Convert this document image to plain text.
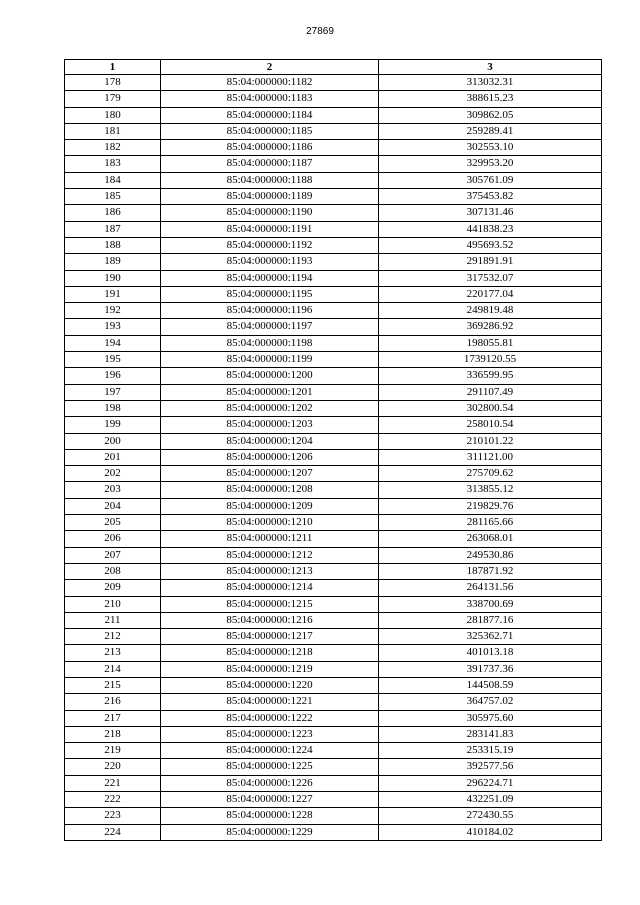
27869
1	2	3
178	85:04:000000:1182	313032.31
179	85:04:000000:1183	388615.23
180	85:04:000000:1184	309862.05
181	85:04:000000:1185	259289.41
182	85:04:000000:1186	302553.10
183	85:04:000000:1187	329953.20
184	85:04:000000:1188	305761.09
185	85:04:000000:1189	375453.82
186	85:04:000000:1190	307131.46
187	85:04:000000:1191	441838.23
188	85:04:000000:1192	495693.52
189	85:04:000000:1193	291891.91
190	85:04:000000:1194	317532.07
191	85:04:000000:1195	220177.04
192	85:04:000000:1196	249819.48
193	85:04:000000:1197	369286.92
194	85:04:000000:1198	198055.81
195	85:04:000000:1199	1739120.55
196	85:04:000000:1200	336599.95
197	85:04:000000:1201	291107.49
198	85:04:000000:1202	302800.54
199	85:04:000000:1203	258010.54
200	85:04:000000:1204	210101.22
201	85:04:000000:1206	311121.00
202	85:04:000000:1207	275709.62
203	85:04:000000:1208	313855.12
204	85:04:000000:1209	219829.76
205	85:04:000000:1210	281165.66
206	85:04:000000:1211	263068.01
207	85:04:000000:1212	249530.86
208	85:04:000000:1213	187871.92
209	85:04:000000:1214	264131.56
210	85:04:000000:1215	338700.69
211	85:04:000000:1216	281877.16
212	85:04:000000:1217	325362.71
213	85:04:000000:1218	401013.18
214	85:04:000000:1219	391737.36
215	85:04:000000:1220	144508.59
216	85:04:000000:1221	364757.02
217	85:04:000000:1222	305975.60
218	85:04:000000:1223	283141.83
219	85:04:000000:1224	253315.19
220	85:04:000000:1225	392577.56
221	85:04:000000:1226	296224.71
222	85:04:000000:1227	432251.09
223	85:04:000000:1228	272430.55
224	85:04:000000:1229	410184.02
